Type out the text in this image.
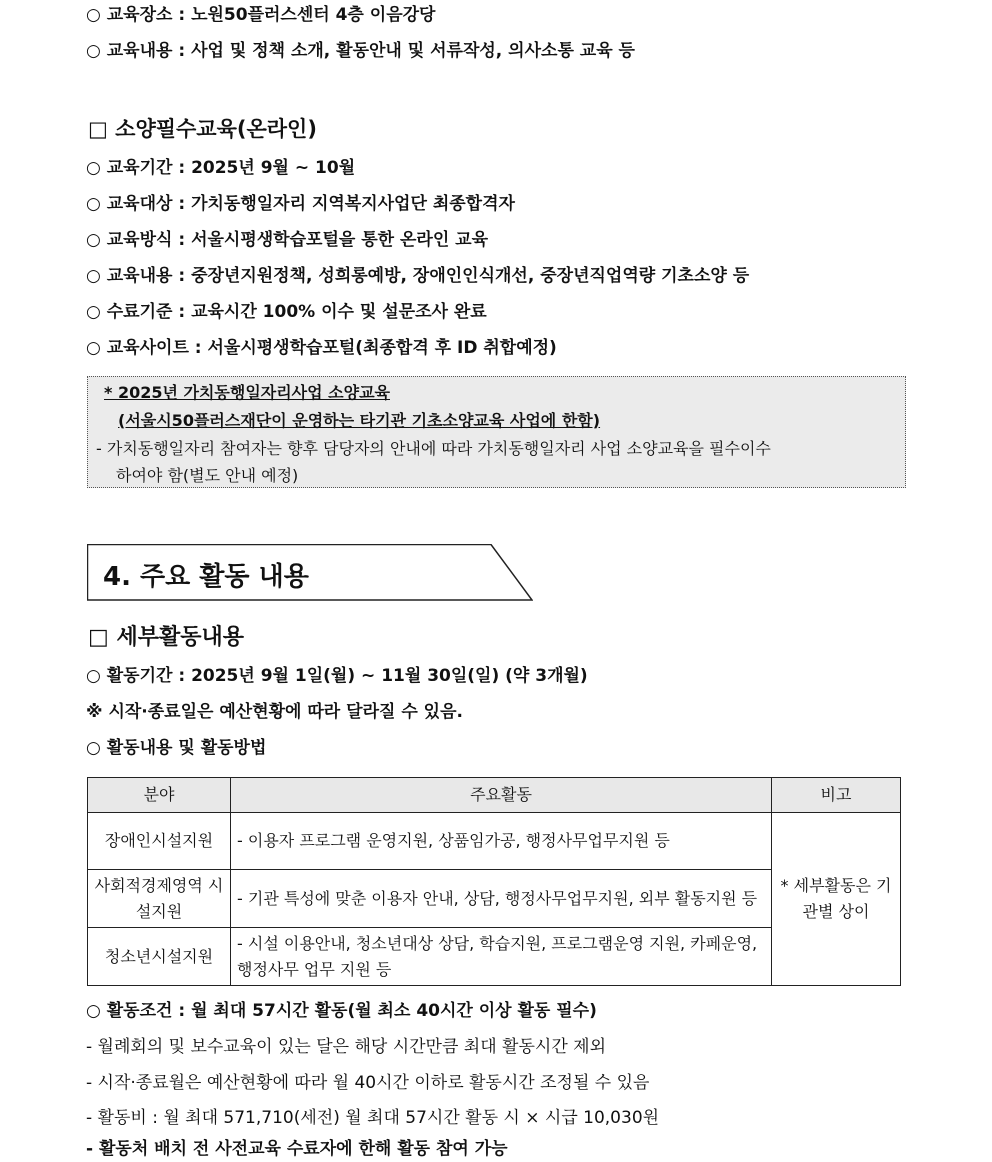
○ 교육장소 : 노원50플러스센터 4층 이음강당
○ 교육내용 : 사업 및 정책 소개, 활동안내 및 서류작성, 의사소통 교육 등
□ 소양필수교육(온라인)
○ 교육기간 : 2025년 9월 ~ 10월
○ 교육대상 : 가치동행일자리 지역복지사업단 최종합격자
○ 교육방식 : 서울시평생학습포털을 통한 온라인 교육
○ 교육내용 : 중장년지원정책, 성희롱예방, 장애인인식개선, 중장년직업역량 기초소양 등
○ 수료기준 : 교육시간 100% 이수 및 설문조사 완료
○ 교육사이트 : 서울시평생학습포털(최종합격 후 ID 취합예정)
* 2025년 가치동행일자리사업 소양교육
(서울시50플러스재단이 운영하는 타기관 기초소양교육 사업에 한함)
- 가치동행일자리 참여자는 향후 담당자의 안내에 따라 가치동행일자리 사업 소양교육을 필수이수
하여야 함(별도 안내 예정)
4. 주요 활동 내용
□ 세부활동내용
○ 활동기간 : 2025년 9월 1일(월) ~ 11월 30일(일) (약 3개월)
※ 시작·종료일은 예산현황에 따라 달라질 수 있음.
○ 활동내용 및 활동방법
분야	주요활동	비고
장애인시설지원	- 이용자 프로그램 운영지원, 상품임가공, 행정사무업무지원 등	* 세부활동은 기관별 상이
사회적경제영역 시설지원	- 기관 특성에 맞춘 이용자 안내, 상담, 행정사무업무지원, 외부 활동지원 등	
청소년시설지원	- 시설 이용안내, 청소년대상 상담, 학습지원, 프로그램운영 지원, 카페운영, 행정사무 업무 지원 등	
○ 활동조건 : 월 최대 57시간 활동(월 최소 40시간 이상 활동 필수)
- 월례회의 및 보수교육이 있는 달은 해당 시간만큼 최대 활동시간 제외
- 시작·종료월은 예산현황에 따라 월 40시간 이하로 활동시간 조정될 수 있음
- 활동비 : 월 최대 571,710(세전) 월 최대 57시간 활동 시 × 시급 10,030원
- 활동처 배치 전 사전교육 수료자에 한해 활동 참여 가능
